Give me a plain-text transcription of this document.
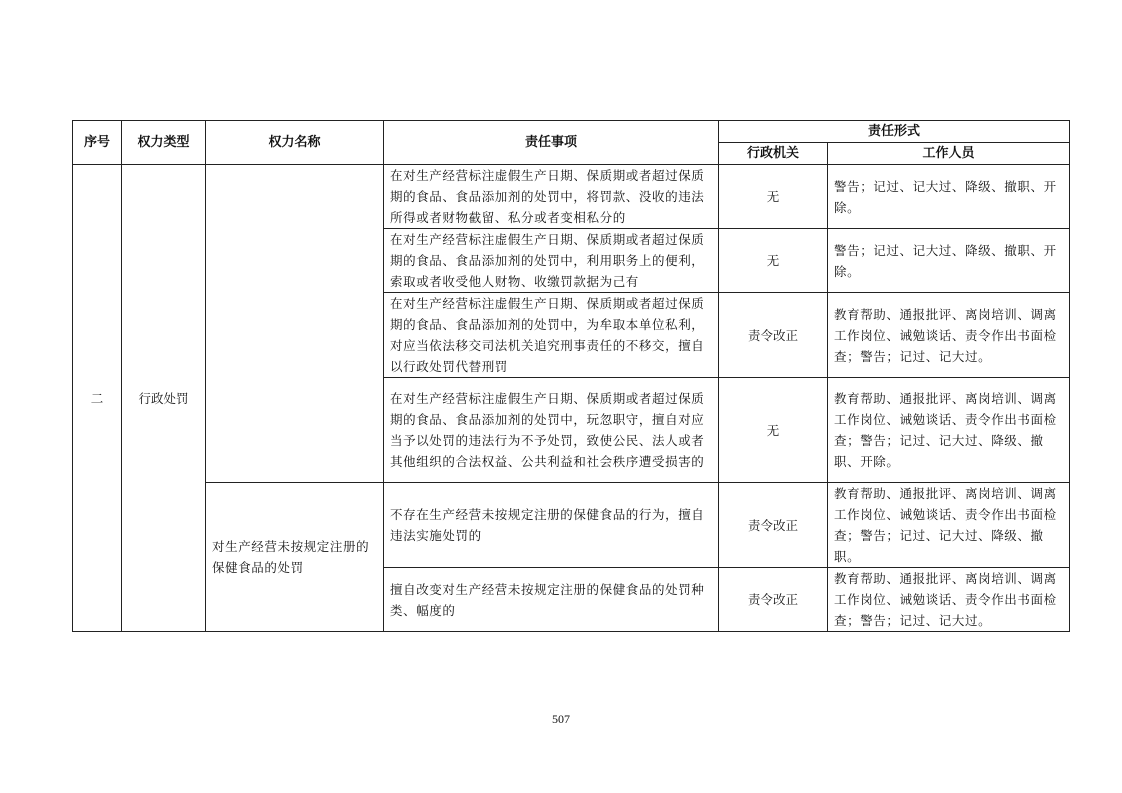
序号	权力类型	权力名称	责任事项	责任形式	
				行政机关	工作人员
二	行政处罚		在对生产经营标注虚假生产日期、保质期或者超过保质期的食品、食品添加剂的处罚中，将罚款、没收的违法所得或者财物截留、私分或者变相私分的	无	警告；记过、记大过、降级、撤职、开除。
			在对生产经营标注虚假生产日期、保质期或者超过保质期的食品、食品添加剂的处罚中，利用职务上的便利，索取或者收受他人财物、收缴罚款据为己有	无	警告；记过、记大过、降级、撤职、开除。
			在对生产经营标注虚假生产日期、保质期或者超过保质期的食品、食品添加剂的处罚中，为牟取本单位私利，对应当依法移交司法机关追究刑事责任的不移交，擅自以行政处罚代替刑罚	责令改正	教育帮助、通报批评、离岗培训、调离工作岗位、诫勉谈话、责令作出书面检查；警告；记过、记大过。
			在对生产经营标注虚假生产日期、保质期或者超过保质期的食品、食品添加剂的处罚中，玩忽职守，擅自对应当予以处罚的违法行为不予处罚，致使公民、法人或者其他组织的合法权益、公共利益和社会秩序遭受损害的	无	教育帮助、通报批评、离岗培训、调离工作岗位、诫勉谈话、责令作出书面检查；警告；记过、记大过、降级、撤职、开除。
		对生产经营未按规定注册的保健食品的处罚	不存在生产经营未按规定注册的保健食品的行为，擅自违法实施处罚的	责令改正	教育帮助、通报批评、离岗培训、调离工作岗位、诫勉谈话、责令作出书面检查；警告；记过、记大过、降级、撤职。
			擅自改变对生产经营未按规定注册的保健食品的处罚种类、幅度的	责令改正	教育帮助、通报批评、离岗培训、调离工作岗位、诫勉谈话、责令作出书面检查；警告；记过、记大过。
507
